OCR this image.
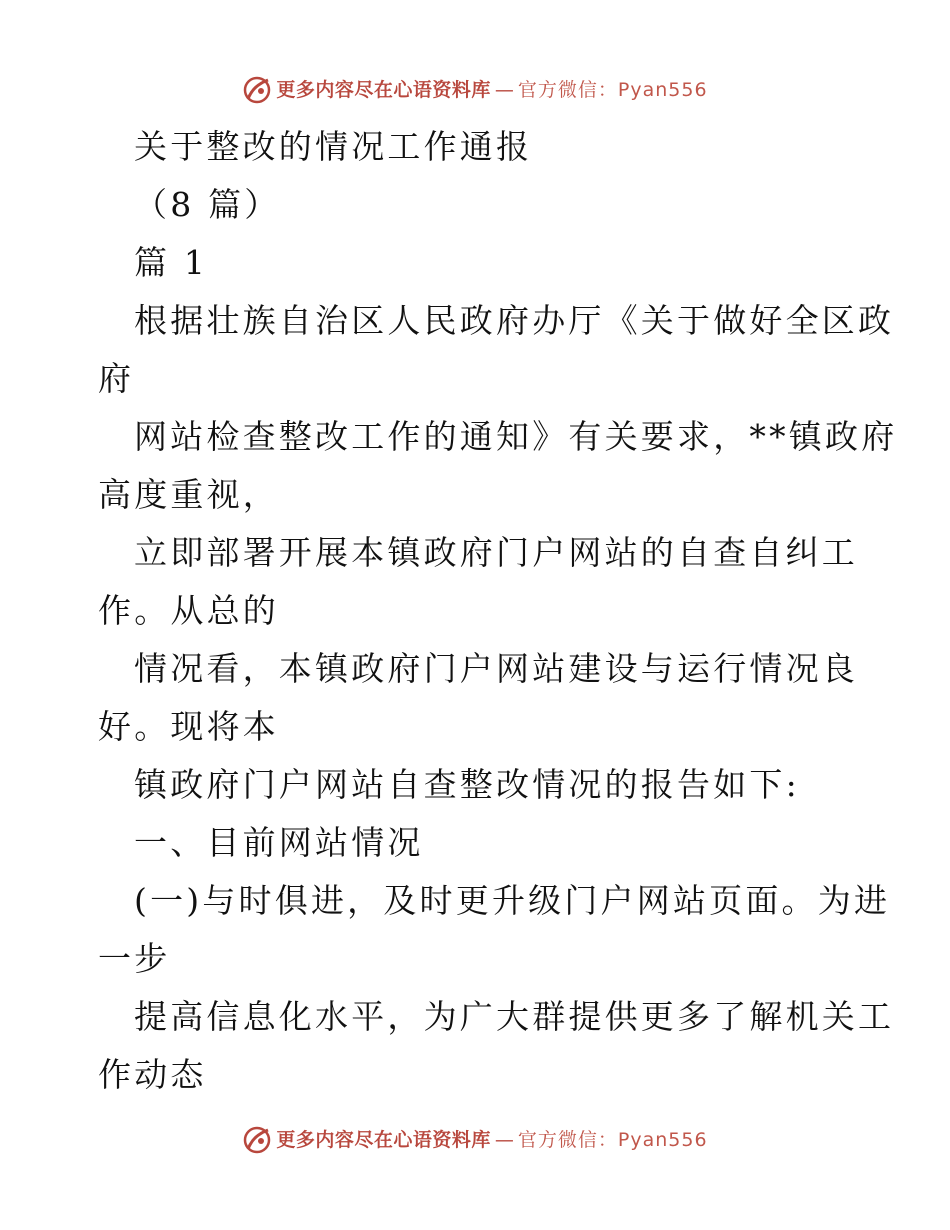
更多内容尽在心语资料库 — 官方微信：Pyan556
关于整改的情况工作通报
（8 篇）
篇 1
根据壮族自治区人民政府办厅《关于做好全区政
府
网站检查整改工作的通知》有关要求，**镇政府
高度重视，
立即部署开展本镇政府门户网站的自查自纠工
作。从总的
情况看，本镇政府门户网站建设与运行情况良
好。现将本
镇政府门户网站自查整改情况的报告如下:
一、目前网站情况
(一)与时俱进，及时更升级门户网站页面。为进
一步
提高信息化水平，为广大群提供更多了解机关工
作动态
更多内容尽在心语资料库 — 官方微信：Pyan556
